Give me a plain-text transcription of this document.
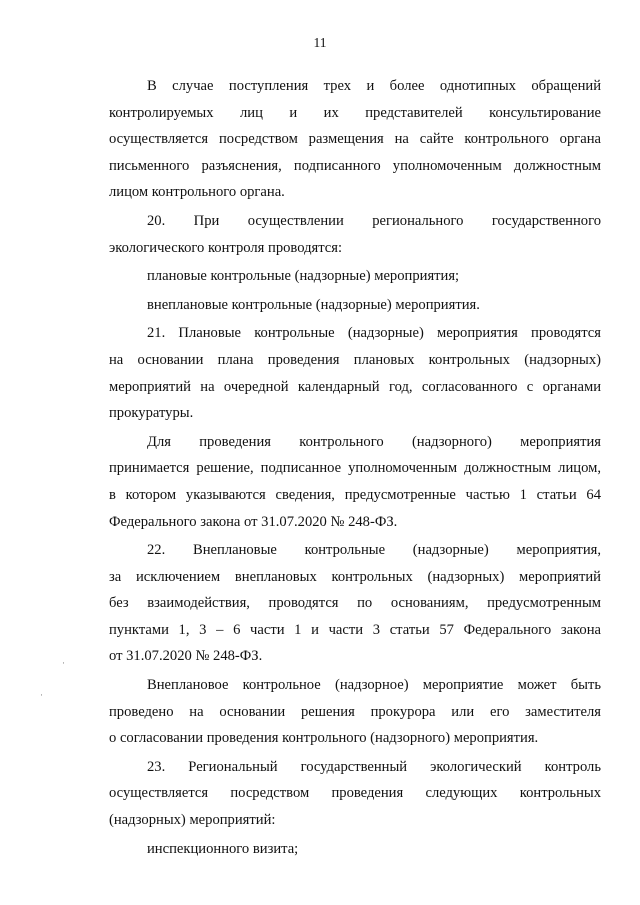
11
В случае поступления трех и более однотипных обращений
контролируемых лиц и их представителей консультирование
осуществляется посредством размещения на сайте контрольного органа
письменного разъяснения, подписанного уполномоченным должностным
лицом контрольного органа.
20. При осуществлении регионального государственного
экологического контроля проводятся:
плановые контрольные (надзорные) мероприятия;
внеплановые контрольные (надзорные) мероприятия.
21. Плановые контрольные (надзорные) мероприятия проводятся
на основании плана проведения плановых контрольных (надзорных)
мероприятий на очередной календарный год, согласованного с органами
прокуратуры.
Для проведения контрольного (надзорного) мероприятия
принимается решение, подписанное уполномоченным должностным лицом,
в котором указываются сведения, предусмотренные частью 1 статьи 64
Федерального закона от 31.07.2020 № 248-ФЗ.
22. Внеплановые контрольные (надзорные) мероприятия,
за исключением внеплановых контрольных (надзорных) мероприятий
без взаимодействия, проводятся по основаниям, предусмотренным
пунктами 1, 3 – 6 части 1 и части 3 статьи 57 Федерального закона
от 31.07.2020 № 248-ФЗ.
Внеплановое контрольное (надзорное) мероприятие может быть
проведено на основании решения прокурора или его заместителя
о согласовании проведения контрольного (надзорного) мероприятия.
23. Региональный государственный экологический контроль
осуществляется посредством проведения следующих контрольных
(надзорных) мероприятий:
инспекционного визита;
·
·
